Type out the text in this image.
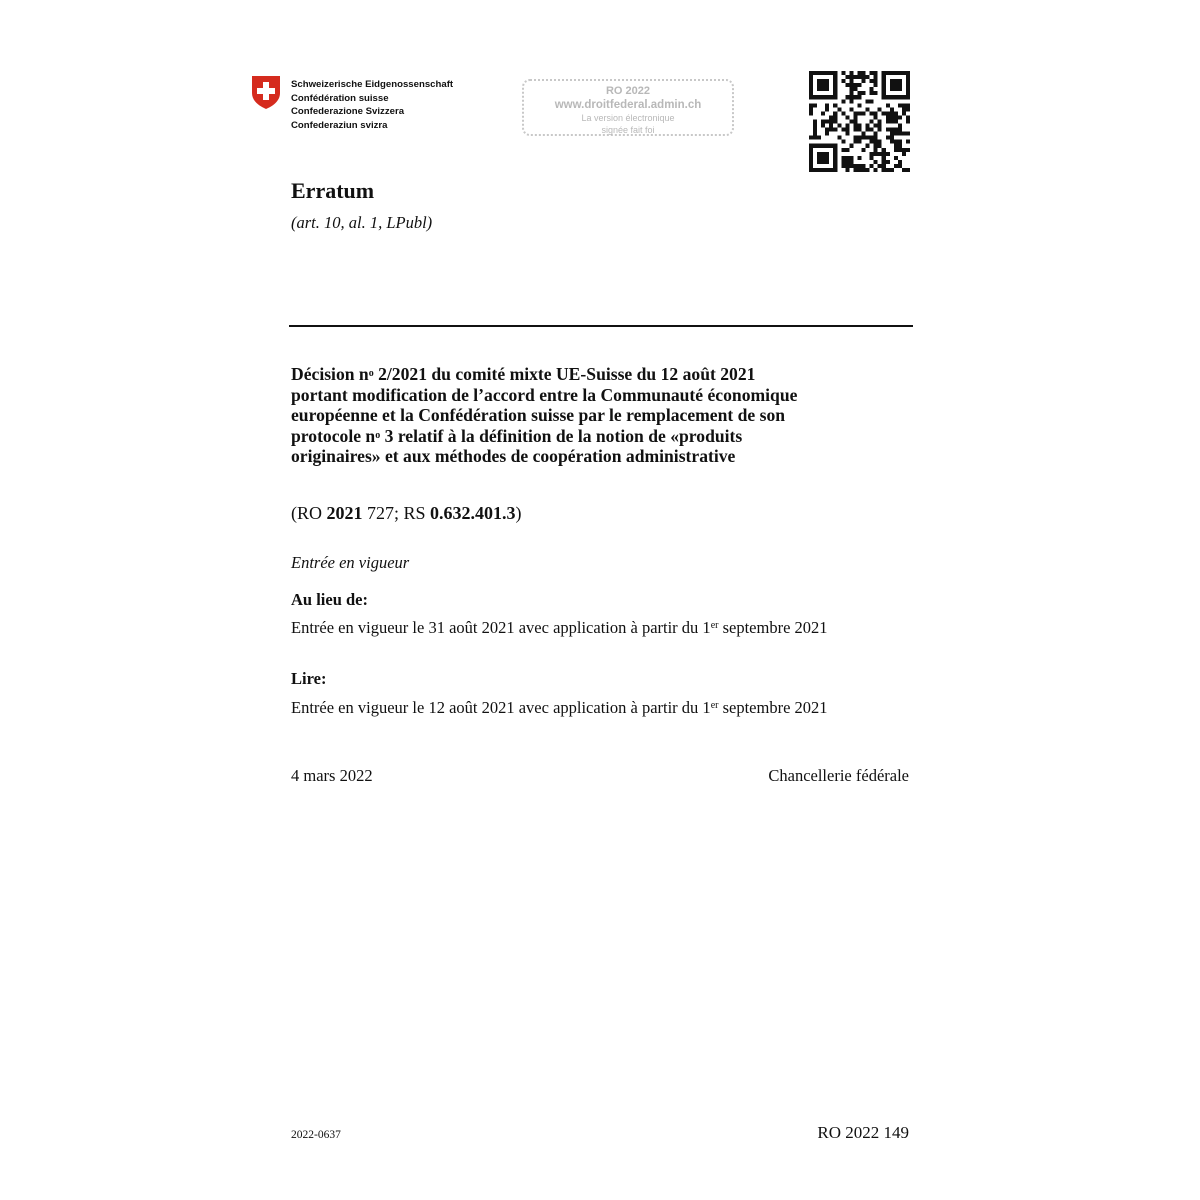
Schweizerische Eidgenossenschaft
Confédération suisse
Confederazione Svizzera
Confederaziun svizra
RO 2022
www.droitfederal.admin.ch
La version électronique
signée fait foi
Erratum
(art. 10, al. 1, LPubl)
Décision $n^o$ 2/2021 du comité mixte UE-Suisse du 12 août 2021
portant modification de l’accord entre la Communauté économique
européenne et la Confédération suisse par le remplacement de son
protocole $n^o$ 3 relatif à la définition de la notion de «produits
originaires» et aux méthodes de coopération administrative
(RO 2021 727; RS 0.632.401.3)
Entrée en vigueur
Au lieu de:
Entrée en vigueur le 31 août 2021 avec application à partir du 1er septembre 2021
Lire:
Entrée en vigueur le 12 août 2021 avec application à partir du 1er septembre 2021
4 mars 2022	Chancellerie fédérale
2022-0637	RO 2022 149
